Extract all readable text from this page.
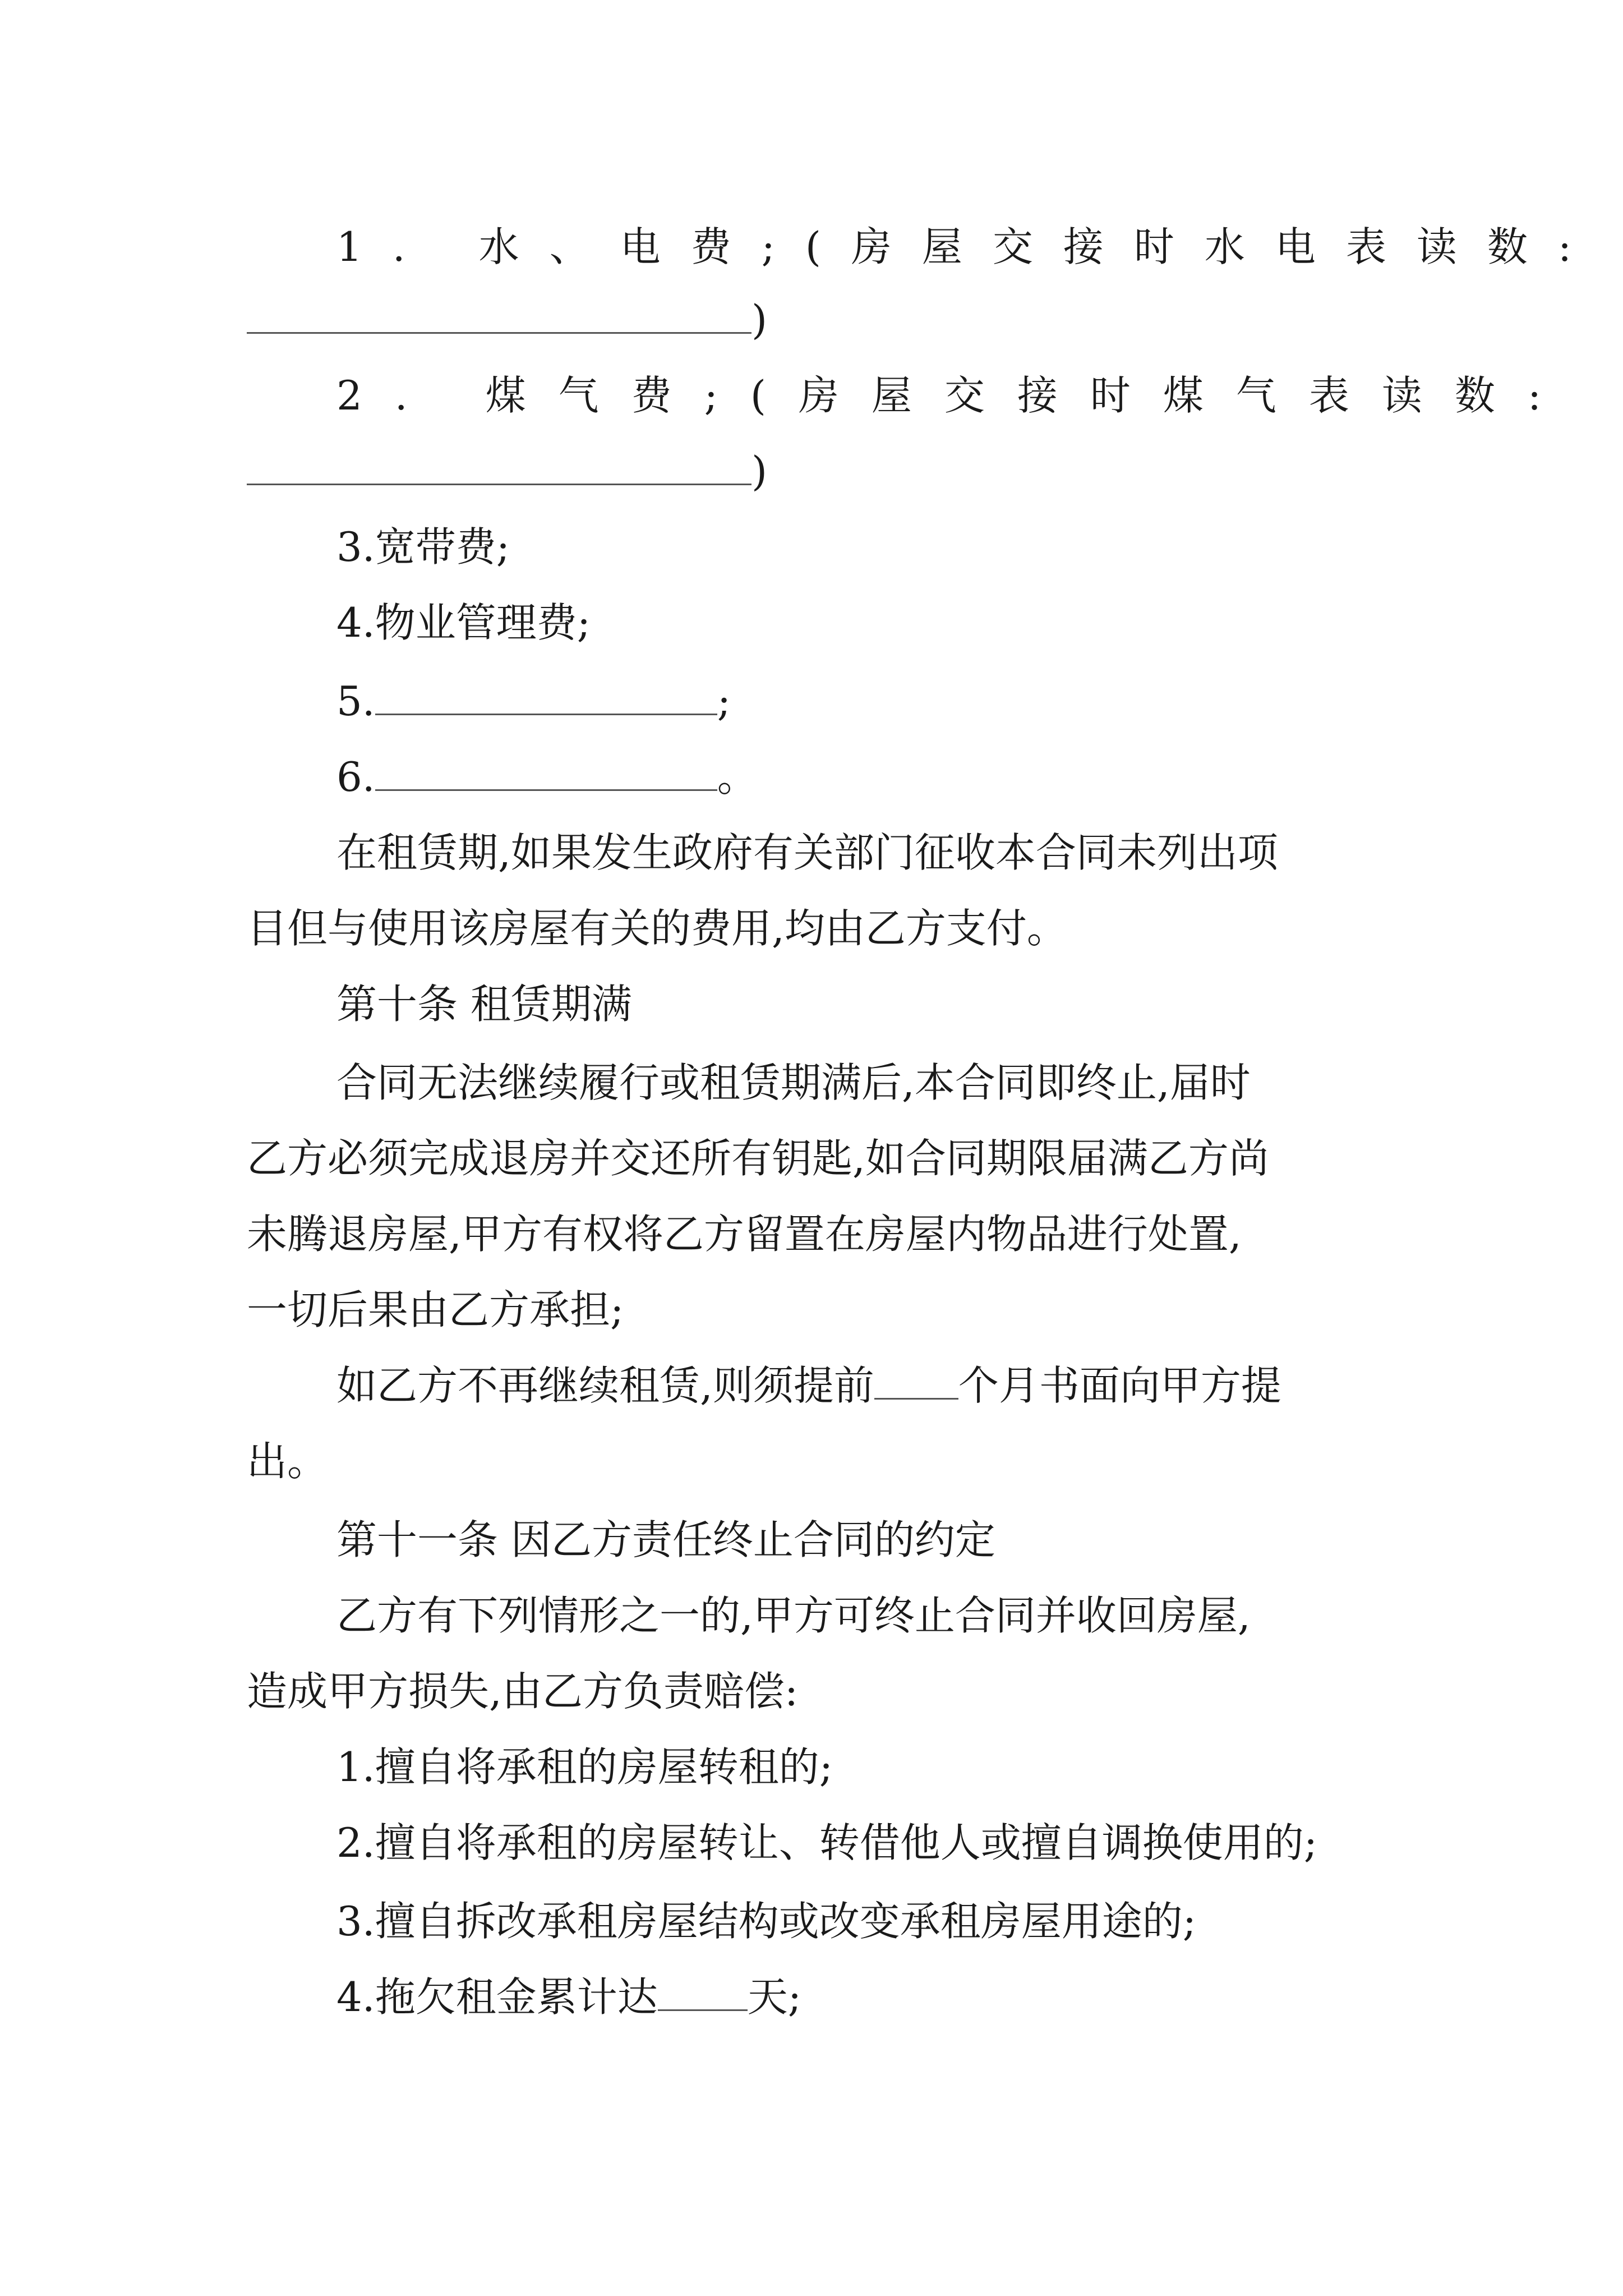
1. 水、电费;(房屋交接时水电表读数:
)
2. 煤气费;(房屋交接时煤气表读数:
)
3.宽带费;
4.物业管理费;
5.	;
6.	。
在租赁期,如果发生政府有关部门征收本合同未列出项
目但与使用该房屋有关的费用,均由乙方支付。
第十条 租赁期满
合同无法继续履行或租赁期满后,本合同即终止,届时
乙方必须完成退房并交还所有钥匙,如合同期限届满乙方尚
未腾退房屋,甲方有权将乙方留置在房屋内物品进行处置,
一切后果由乙方承担;
如乙方不再继续租赁,则须提前 个月书面向甲方提
出。
第十一条 因乙方责任终止合同的约定
乙方有下列情形之一的,甲方可终止合同并收回房屋,
造成甲方损失,由乙方负责赔偿:
1.擅自将承租的房屋转租的;
2.擅自将承租的房屋转让、转借他人或擅自调换使用的;
3.擅自拆改承租房屋结构或改变承租房屋用途的;
4.拖欠租金累计达 天;
